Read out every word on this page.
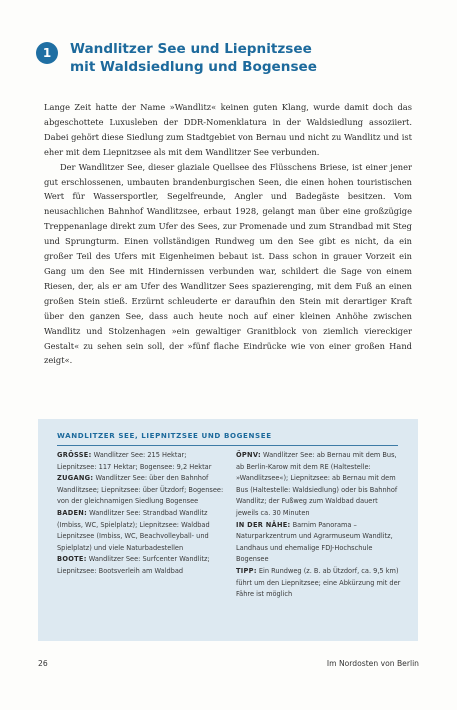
1	Wandlitzer See und Liepnitzsee
mit Waldsiedlung und Bogensee

Lange Zeit hatte der Name »Wandlitz« keinen guten Klang, wurde damit doch das abgeschottete Luxusleben der DDR-Nomenklatura in der Waldsiedlung assoziiert. Dabei gehört diese Siedlung zum Stadtgebiet von Bernau und nicht zu Wandlitz und ist eher mit dem Liepnitzsee als mit dem Wandlitzer See verbunden.

Der Wandlitzer See, dieser glaziale Quellsee des Flüsschens Briese, ist einer jener gut erschlossenen, umbauten brandenburgischen Seen, die einen hohen touristischen Wert für Wassersportler, Segelfreunde, Angler und Badegäste besitzen. Vom neusachlichen Bahnhof Wandlitzsee, erbaut 1928, gelangt man über eine großzügige Treppenanlage direkt zum Ufer des Sees, zur Promenade und zum Strandbad mit Steg und Sprungturm. Einen vollständigen Rundweg um den See gibt es nicht, da ein großer Teil des Ufers mit Eigenheimen bebaut ist. Dass schon in grauer Vorzeit ein Gang um den See mit Hindernissen verbunden war, schildert die Sage von einem Riesen, der, als er am Ufer des Wandlitzer Sees spazierenging, mit dem Fuß an einen großen Stein stieß. Erzürnt schleuderte er daraufhin den Stein mit derartiger Kraft über den ganzen See, dass auch heute noch auf einer kleinen Anhöhe zwischen Wandlitz und Stolzenhagen »ein gewaltiger Granitblock von ziemlich viereckiger Gestalt« zu sehen sein soll, der »fünf flache Eindrücke wie von einer großen Hand zeigt«.

WANDLITZER SEE, LIEPNITZSEE UND BOGENSEE

GRÖSSE: Wandlitzer See: 215 Hektar; Liepnitzsee: 117 Hektar; Bogensee: 9,2 Hektar

ZUGANG: Wandlitzer See: über den Bahnhof Wandlitzsee; Liepnitzsee: über Ützdorf; Bogensee: von der gleichnamigen Siedlung Bogensee

BADEN: Wandlitzer See: Strandbad Wandlitz (Imbiss, WC, Spielplatz); Liepnitzsee: Waldbad Liepnitzsee (Imbiss, WC, Beachvolleyball- und Spielplatz) und viele Naturbadestellen

BOOTE: Wandlitzer See: Surfcenter Wandlitz; Liepnitzsee: Bootsverleih am Waldbad

ÖPNV: Wandlitzer See: ab Bernau mit dem Bus, ab Berlin-Karow mit dem RE (Haltestelle: »Wandlitzsee«); Liepnitzsee: ab Bernau mit dem Bus (Haltestelle: Waldsiedlung) oder bis Bahnhof Wandlitz; der Fußweg zum Waldbad dauert jeweils ca. 30 Minuten

IN DER NÄHE: Barnim Panorama – Naturparkzentrum und Agrarmuseum Wandlitz, Landhaus und ehemalige FDJ-Hochschule Bogensee

TIPP: Ein Rundweg (z. B. ab Ützdorf, ca. 9,5 km) führt um den Liepnitzsee; eine Abkürzung mit der Fähre ist möglich

26	Im Nordosten von Berlin
